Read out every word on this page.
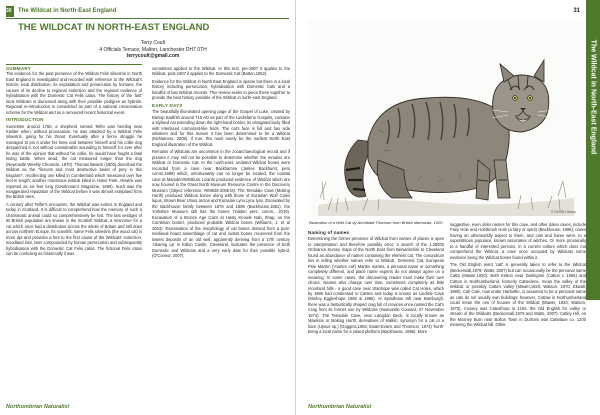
The Wildcat in North-East England
30
THE WILDCAT IN NORTH-EAST ENGLAND
Terry Coult
4 Officials Terrace, Malton, Lanchester DH7 0TH
terrycoult@gmail.com
SUMMARY

The evidence for the past presence of the Wildcat Felis silvestris in North East England is investigated and recorded with reference to the Wildcat's historic local distribution, its exploitation and persecution by humans, the causes of its decline to regional extinction and the regional evidence of hybridisation with the Domestic Cat Felis catus. The history of the 'last' local Wildcats is discussed along with their possible pedigree as hybrids. Regional re-introduction is considered as part of a national conservation scheme for the Wildcat and as a rumoured recent historical event.

INTRODUCTION

Sometime around 1760, a shepherd named Telfer was herding near Kielder when, without provocation, he was attacked by a Wildcat Felis silvestris, going for his throat. Eventually after a fierce struggle he managed to pin it under his knee and between himself and his collie dog despatched it, not without considerable wounding to himself; for ever after he was of the opinion that without his collie, he would have fought a fatal losing battle. When dead, the cat measured longer than the dog (Newcastle Weekly Chronicle, 1870). Thomas Bewick (1800) described the Wildcat as the "fiercest and most destructive beast of prey in this kingdom", recollecting one killed in Cumberland which measured over five feet in length; another monstrous wildcat killed in Hulne Park, Alnwick was reported as six feet long (Gentleman's Magazine, 1869). Such was the exaggerated reputation of the Wildcat before it was almost extirpated from the British Isles.

A century after Telfer's encounter, the Wildcat was extinct in England and today in Scotland. It is difficult to comprehend how the memory of such a charismatic animal could so comprehensively be lost. The last vestiges of its British population are known in the Scottish Wildcat, a misnomer for a cat which once had a distribution across the whole of Britain and still does across northern Europe. Its scientific name Felis silvestris (the wood cat) is more apt and provides a hint to the first cause of the Wildcats' extinction, woodland loss, later compounded by human persecution and subsequently hybridisation with the Domestic Cat Felis catus. The fictional Felis catus can be confusing as historically it was

sometimes applied to the Wildcat. In this text, pre-1907 it applies to the Wildcat, post-1907 it applies to the Domestic Cat (Batten,1952).

Evidence for the Wildcat in North East England is sparse but there is a local history including persecution, hybridisation with Domestic Cats and a handful of last Wildcat records. This review seeks to piece these together to provide the best history possible of the Wildcat in north-east England.

EARLY DAYS

The beautifully illuminated opening page of the Gospel of Luke, created by Bishop Eadfrith around 715 AD as part of the Lindisfarne Gospels, contains a stylised cat extending down the right-hand border, its elongated body filled with interlaced cormorant-like birds. The cat's face is full and has side whiskers and for this reason it has been determined to be a Wildcat (McNamers, 2008). If true, this must surely be the earliest North East England illustration of the Wildcat.

Remains of Wildcats are uncommon in the zooarchaeological record and if present it may still not be possible to determine whether the remains are Wildcat or Domestic Cat. In the north-east, undated Wildcat bones were recorded from a cave near Backbarrow (James Backhurst, pers comm.1988) which, unfortunately can no longer be located, the coastal cave at Marsden/Whitburn Lizards produced evidence of Wildcat which are now housed in the Great North Museum Resource Centre in the Discovery Museum (Object reference: R09848-2005.M). The Teesdale Cave (Moking Hurth) produced Wildcat bones along with those of Eurasian Wolf Canis lupus, Brown Bear Ursus arctos and Eurasian Lynx Lynx lynx. Excavated by the Backhouse family between 1878 and 1888 (Backhouse,1881), the Yorkshire Museum still has the bones (Yalden pers. comm., 2019). Excavation of a Bronze Age Cairn at Hasty Knowle Nab, Shap, on the Cumbrian border, produced probable Wildcat bones (Williams, J. et al 2004). Examination of the morphology of cat bones derived from a post-medieval hoard assemblage of cat and rodent bones recovered from the lowest deposits of an old well, apparently deriving from a 17th century 'clearing up' in Edlon Castle, Cleveland, indicates the presence of both Domestic and Wildcats and a very early date for their possible hybrid. (O'Connor, 2007).

Northumbrian Naturalist
31
The Wildcat in North-East England
© NHSN Library
Illustration of a Wild Cat by Archibald Thorburn from British Mammals, 1920
Naming of names

Determining the former presence of Wildcat from names of places is open to interpretation and therefore possibly error; a search of the 1:25000 Ordnance Survey maps of the North East from Berwickshire to Cleveland found an abundance of names containing the element cat. The conundrum lies in telling whether names refer to Wildcat, Domestic Cat, European Pine Marten ('marten cat') Martes martes, a personal name or something completely different, and place name experts do not always agree on a meaning. In some cases, the discovering reader must make their own choice. Names also change over time, sometimes completely as little moorland hills - a good case near Stanhope was called Cat Holes, which by 1886 had condensed to Catties and today is known as Lindisle Cave (Morley Eggleshope 1882 & 1886). At Spindleton Hill near Bamburgh, there was a fantastically shaped crag full of crevices once named the Cat's Crag from its former use by Wildcats (Newcastle Courant, 27 November 1874). The Teesdale Cave, near Langdon Beck, is locally known as Mawkins or Moking Hurth, derivatives of Malkin, synonym for a cat or a hare (Upsus sp.) (Goggins,1984; Ewart-Evans and Thomson, 1974) 'hurth' being a local name for a raised platform (Backhouse, 1896). More

suggestive, even older names for this cave, and other dales caves, include Fairy Hole and Hobthrush Hole (a fairy or spirit) (Backhouse, 1896); caves having an otherworldly aspect to them, and cats and hares were, to a superstitious populace, known associates of witches. Or more prosaically to a handful of interested persons, in a current culture which does not comprehend the Wildcat, a cave once occupied by Wildcats some evidence being the Wildcat bones found within it.

The Old English word 'catt' is generally taken to refer to the Wildcat (Beckensall,1979; Watts, 2007) but can occasionally be the personal name Catta (Mawer,1920). Both Ketton near Darlington (Cattun c 1085) and Catton in Northumberland, formerly Catteclene, mean the valley of the Wildcat or possibly Catta's valley (Mawer,1920; Watson, 1970; Ekwall, 1980). Call Cale, now under Harbottle, is assumed to be a personal name as cats do not usually own buildings; however, Catraw in Northumberland could mean the row of houses of the Wildcat (Mawer, 1920; Watson, 1970). Cossey was Catesthorp in 1183, the Old English for valley or stream of the Wildcats (Beckensall,1979 and Watts, 2007). Catley Hill, on the Mosney Burn near Bolton Town in Durham was Cattelaue co. 1200 meaning the Wildcat hill. Other

Northumbrian Naturalist
